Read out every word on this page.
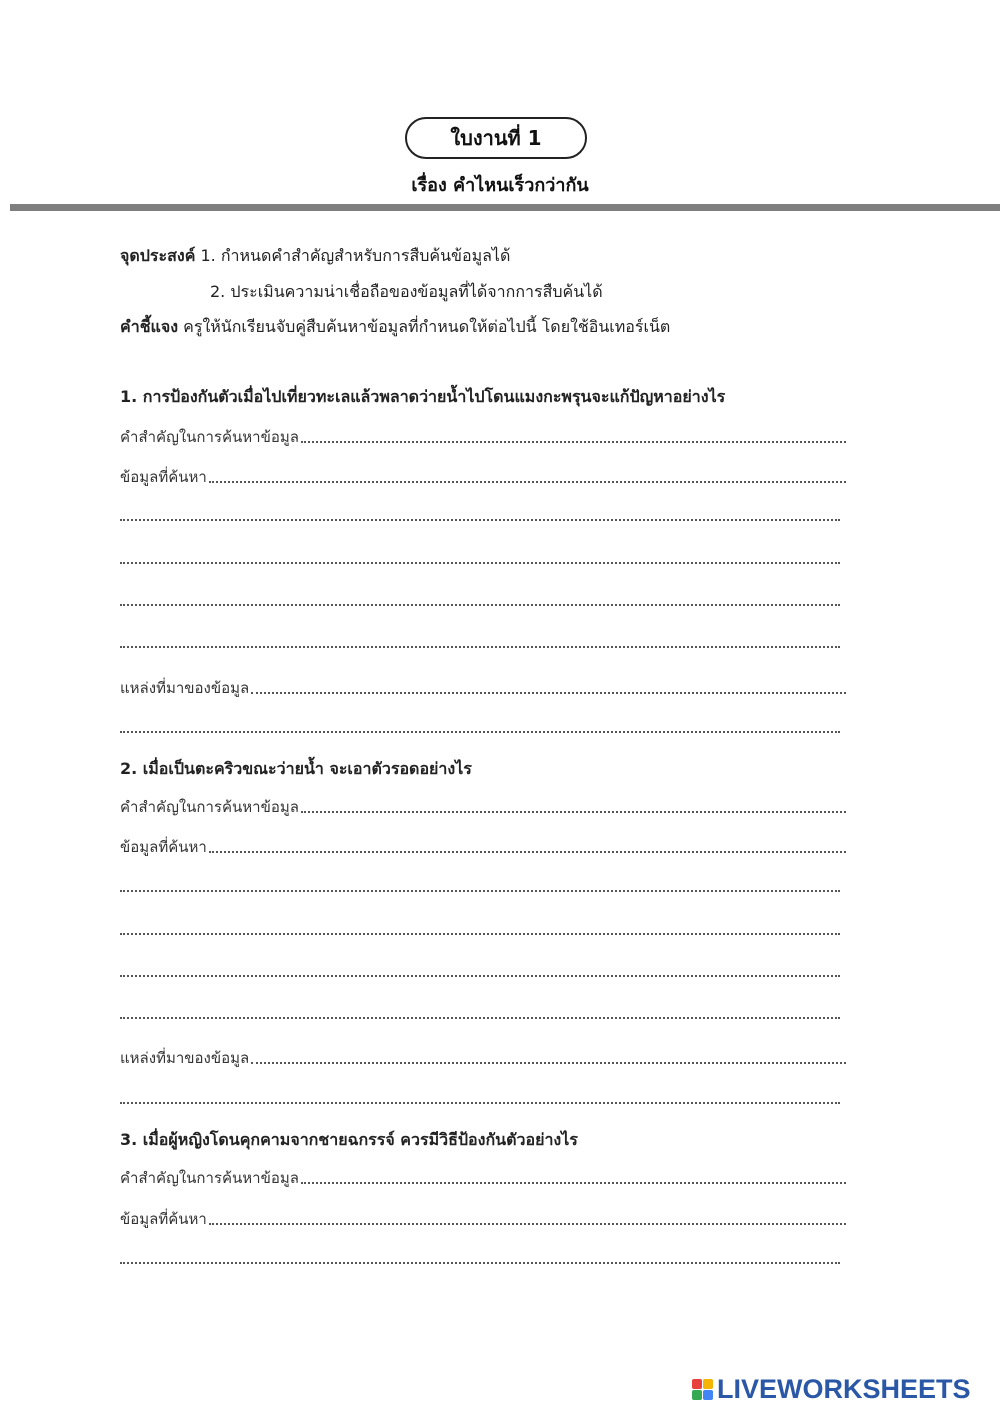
ใบงานที่ 1
เรื่อง คำไหนเร็วกว่ากัน
จุดประสงค์ 1. กำหนดคำสำคัญสำหรับการสืบค้นข้อมูลได้
2. ประเมินความน่าเชื่อถือของข้อมูลที่ได้จากการสืบค้นได้
คำชี้แจง ครูให้นักเรียนจับคู่สืบค้นหาข้อมูลที่กำหนดให้ต่อไปนี้ โดยใช้อินเทอร์เน็ต
1. การป้องกันตัวเมื่อไปเที่ยวทะเลแล้วพลาดว่ายน้ำไปโดนแมงกะพรุนจะแก้ปัญหาอย่างไร
คำสำคัญในการค้นหาข้อมูล
ข้อมูลที่ค้นหา
แหล่งที่มาของข้อมูล
2. เมื่อเป็นตะคริวขณะว่ายน้ำ จะเอาตัวรอดอย่างไร
คำสำคัญในการค้นหาข้อมูล
ข้อมูลที่ค้นหา
แหล่งที่มาของข้อมูล
3. เมื่อผู้หญิงโดนคุกคามจากชายฉกรรจ์ ควรมีวิธีป้องกันตัวอย่างไร
คำสำคัญในการค้นหาข้อมูล
ข้อมูลที่ค้นหา
LIVEWORKSHEETS
